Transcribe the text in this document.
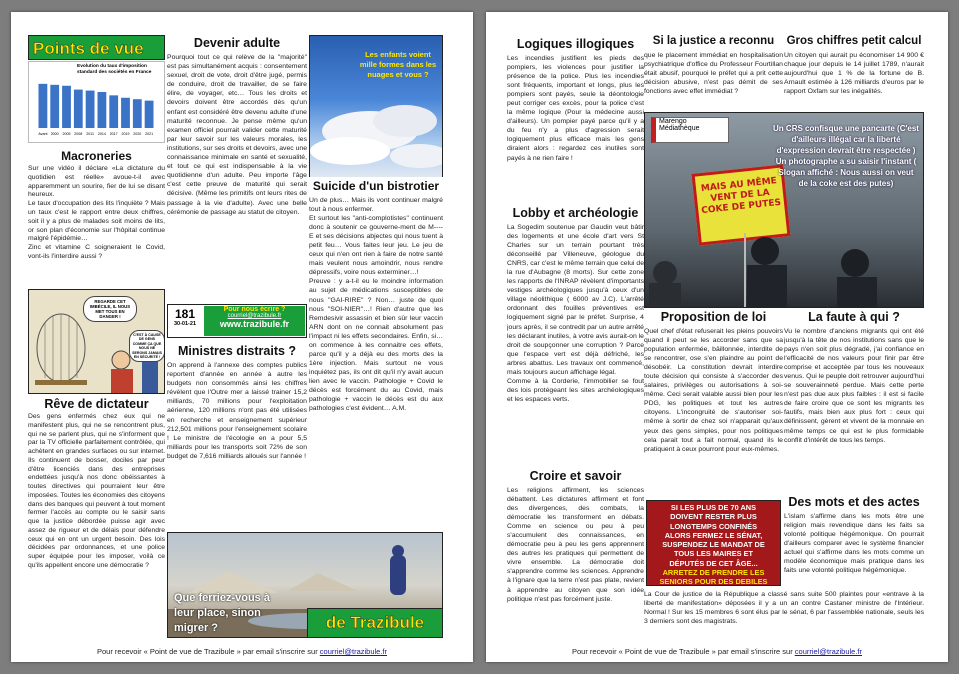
Points de vue
Evolution du taux d'imposition standard des sociétés en France
Avant 2000 2005 2008 2011 2014 2017 2019 2020 2021
Macroneries
Sur une vidéo il déclare «La dictature du quotidien est réelle» avoue-t-il avec apparemment un sourire, fier de lui se disant heureux.
Le taux d'occupation des lits l'inquiète ? Mais un taux c'est le rapport entre deux chiffres, soit il y a plus de malades soit moins de lits, or son plan d'économie sur l'hôpital continue malgré l'épidémie…
Zinc et vitamine C soigneraient le Covid, vont-ils l'interdire aussi ?
REGARDE CET IMBÉCILE, IL NOUS MET TOUS EN DANGER !
C'EST À CAUSE DE GENS COMME ÇA QUE NOUS NE SERONS JAMAIS EN SÉCURITÉ !
Rêve de dictateur
Des gens enfermés chez eux qui ne manifestent plus, qui ne se rencontrent plus, qui ne se parlent plus, qui ne s'informent que par la TV officielle parfaitement contrôlée, qui achètent en grandes surfaces ou sur internet. Ils continuent de bosser, dociles par peur d'être licenciés dans des entreprises endettées jusqu'à nos donc obéissantes à toutes directives qui pourraient leur être imposées. Toutes les économies des citoyens dans des banques qui peuvent à tout moment fermer l'accès au compte ou le saisir sans que la justice débordée puisse agir avec assez de rigueur et de délais pour défendre ceux qui en ont un urgent besoin. Des lois décidées par ordonnances, et une police super équipée pour les imposer, voilà ce qu'ils appellent encore une démocratie ?
Devenir adulte
Pourquoi tout ce qui relève de la "majorité" est pas simultanément acquis : consentement sexuel, droit de vote, droit d'être jugé, permis de conduire, droit de travailler, de se faire élire, de voyager, etc… Tous les droits et devoirs doivent être accordés dès qu'un enfant est considéré être devenu adulte d'une maturité reconnue. Je pense même qu'un examen officiel pourrait valider cette maturité par leur savoir sur les valeurs morales, les institutions, sur ses droits et devoirs, avec une connaissance minimale en santé et sexualité, et tout ce qui est indispensable à la vie quotidienne d'un adulte. Peu importe l'âge c'est cette preuve de maturité qui serait décisive. (Même les primitifs ont leurs rites de passage à la vie d'adulte). Avec une belle cérémonie de passage au statut de citoyen.
181
30-01-21
Pour nous écrire ?
courriel@trazibule.fr
www.trazibule.fr
Ministres distraits ?
On apprend à l'annexe des comptes publics reportent d'année en année à autre les budgets non consommés ainsi les chiffres révèlent que l'Outre mer a laissé trainer 15,2 milliards, 70 millions pour l'exploitation aérienne, 120 millions n'ont pas été utilisées en recherche et enseignement supérieur 212,501 millions pour l'enseignement scolaire ! Le ministre de l'écologie en a pour 5,5 milliards pour les transports soit 72% de son budget de 7,616 milliards alloués sur l'année !
Les enfants voient mille formes dans les nuages et vous ?
Suicide d'un bistrotier
Un de plus… Mais ils vont continuer malgré tout à nous enfermer.
Et surtout les "anti-complotistes" continuent donc à soutenir ce gouverne-ment de M----E et ses décisions abjectes qui nous tuent à petit feu… Vous faites leur jeu. Le jeu de ceux qui n'en ont rien à faire de notre santé mais veulent nous amoindrir, nous rendre dépressifs, voire nous exterminer…!
Preuve : y a-t-il eu le moindre information au sujet de médications susceptibles de nous "GAI-RIRE" ? Non… juste de quoi nous "SOI-NIER"…! Rien d'autre que les Remdesivir assassin et bien sûr leur vaccin ARN dont on ne connait absolument pas l'impact ni les effets secondaires. Enfin, si… on commence à les connaitre ces effets, parce qu'il y a déjà eu des morts des la 1ère injection. Mais surtout ne vous inquiétez pas, ils ont dit qu'il n'y avait aucun lien avec le vaccin. Pathologie + Covid le décès est forcément du au Covid, mais pathologie + vaccin le décès est du aux pathologies c'est évident… A.M.
Que ferriez-vous à leur place, sinon migrer ?	de Trazibule
Pour recevoir « Point de vue de Trazibule » par email s'inscrire sur courriel@trazibule.fr
Logiques illogiques
Les incendies justifient les pieds des pompiers, les violences pour justifier la présence de la police. Plus les incendies sont fréquents, important et longs, plus les pompiers sont payés, seule la déontologie peut corriger ces excès, pour la police c'est la même logique (Pour la médecine aussi d'ailleurs). Un pompier payé parce qu'il y a du feu n'y a plus d'agression serait logiquement plus efficace mais les gens diraient alors : regardez ces inutiles sont payés à ne rien faire !
Si la justice a reconnu
que le placement immédiat en hospitalisation psychiatrique d'office du Professeur Fourtillan était abusif, pourquoi le préfet qui a prit cette décision abusive, n'est pas démit de ses fonctions avec effet immédiat ?
Gros chiffres petit calcul
Un citoyen qui aurait pu économiser 14 900 € chaque jour depuis le 14 juillet 1789, n'aurait aujourd'hui que 1 % de la fortune de B. Arnault estimée à 126 milliards d'euros par le rapport Oxfam sur les inégalités.
Marengo
Médiathèque
MAIS AU MÊME VENT DE LA COKE DE PUTES
Un CRS confisque une pancarte (C'est d'ailleurs illégal car la liberté d'expression devrait être respectée ) Un photographe a su saisir l'instant ( Slogan affiché : Nous aussi on veut de la coke est des putes)
Lobby et archéologie
La Sogedim soutenue par Gaudin veut bâtir des logements et une école d'art vers St Charles sur un terrain pourtant très déconseillé par Villeneuve, géologue du CNRS, car c'est le même terrain que celui de la rue d'Aubagne (8 morts). Sur cette zone les rapports de l'INRAP révèlent d'importants vestiges archéologiques jusqu'à ceux d'un village néolithique ( 6000 av J.C). L'arrêté ordonnant des fouilles préventives est logiquement signé par le préfet. Surprise, 4 jours après, il se contredit par un autre arrêté les déclarant inutiles, à votre avis aurait-on le droit de soupçonner une corruption ? Parce que l'espace vert est déjà défriché, les arbres abattus. Les travaux ont commencé, mais toujours aucun affichage légal.
Comme à la Corderie, l'immobilier se fout des lois protégeant les sites archéologiques et les espaces verts.
Proposition de loi
Quel chef d'état refuserait les pleins pouvoirs quand il peut se les accorder sans que sa population enfermée, bâillonnée, interdite de se rencontrer, ose s'en plaindre au point de désobéir. La constitution devrait interdire toute décision qui consiste à s'accorder des salaires, privilèges ou autorisations à soi-même. Ceci serait valable aussi bien pour les PDG, les politiques et tout les autres citoyens. L'incongruité de s'autoriser soi-même à sortir de chez soi n'apparait qu'aux yeux des gens simples, pour nos politiques cela parait tout a fait normal, quand ils le pratiquent à ceux pourront pour eux-mêmes.
La faute à qui ?
Vu le nombre d'anciens migrants qui ont été jusqu'à la tête de nos institutions sans que le pays n'en soit plus dégradé, j'ai confiance en l'efficacité de nos valeurs pour finir par être comprise et acceptée par tous les nouveaux venus. Qui le peuple doit retrouver aujourd'hui se souverainneté perdue. Mais cette perte n'est pas due aux plus faibles : il est si facile de faire croire que ce sont les migrants les fautifs, mais bien aux plus fort : ceux qui définissent, gèrent et vivent de la monnaie en même temps ce qui est le plus formidable conflit d'intérêt de tous les temps.
Croire et savoir
Les religions affirment, les sciences débattent. Les dictatures affirment et font des divergences, des combats, la démocratie les transforment en débats. Comme en science ou peu à peu s'accumulent des connaissances, en démocratie peu à peu les gens apprennent des autres les pratiques qui permettent de vivre ensemble. La démocratie doit s'apprendre comme les sciences. Apprendre à l'ignare que la terre n'est pas plate, revient à apprendre au citoyen que son idée politique n'est pas forcément juste.
SI LES PLUS DE 70 ANS
DOIVENT RESTER PLUS
LONGTEMPS CONFINÉS
ALORS FERMEZ LE SÉNAT,
SUSPENDEZ LE MANDAT DE
TOUS LES MAIRES ET
DÉPUTÉS DE CET ÂGE...
ARRETEZ DE PRENDRE LES
SENIORS POUR DES DEBILES
Des mots et des actes
L'islam s'affirme dans les mots être une religion mais revendique dans les faits sa volonté politique hégémonique. On pourrait d'ailleurs comparer avec le système financier actuel qui s'affirme dans les mots comme un modèle économique mais pratique dans les faits une volonté politique hégémonique.
La Cour de justice de la République a classé sans suite 500 plaintes pour «entrave à la liberté de manifestation» déposées il y a un an contre Castaner ministre de l'Intérieur. Normal ! Sur les 15 membres 6 sont élus par le sénat, 6 par l'assemblée nationale, seuls les 3 derniers sont des magistrats.
Pour recevoir « Point de vue de Trazibule » par email s'inscrire sur courriel@trazibule.fr
